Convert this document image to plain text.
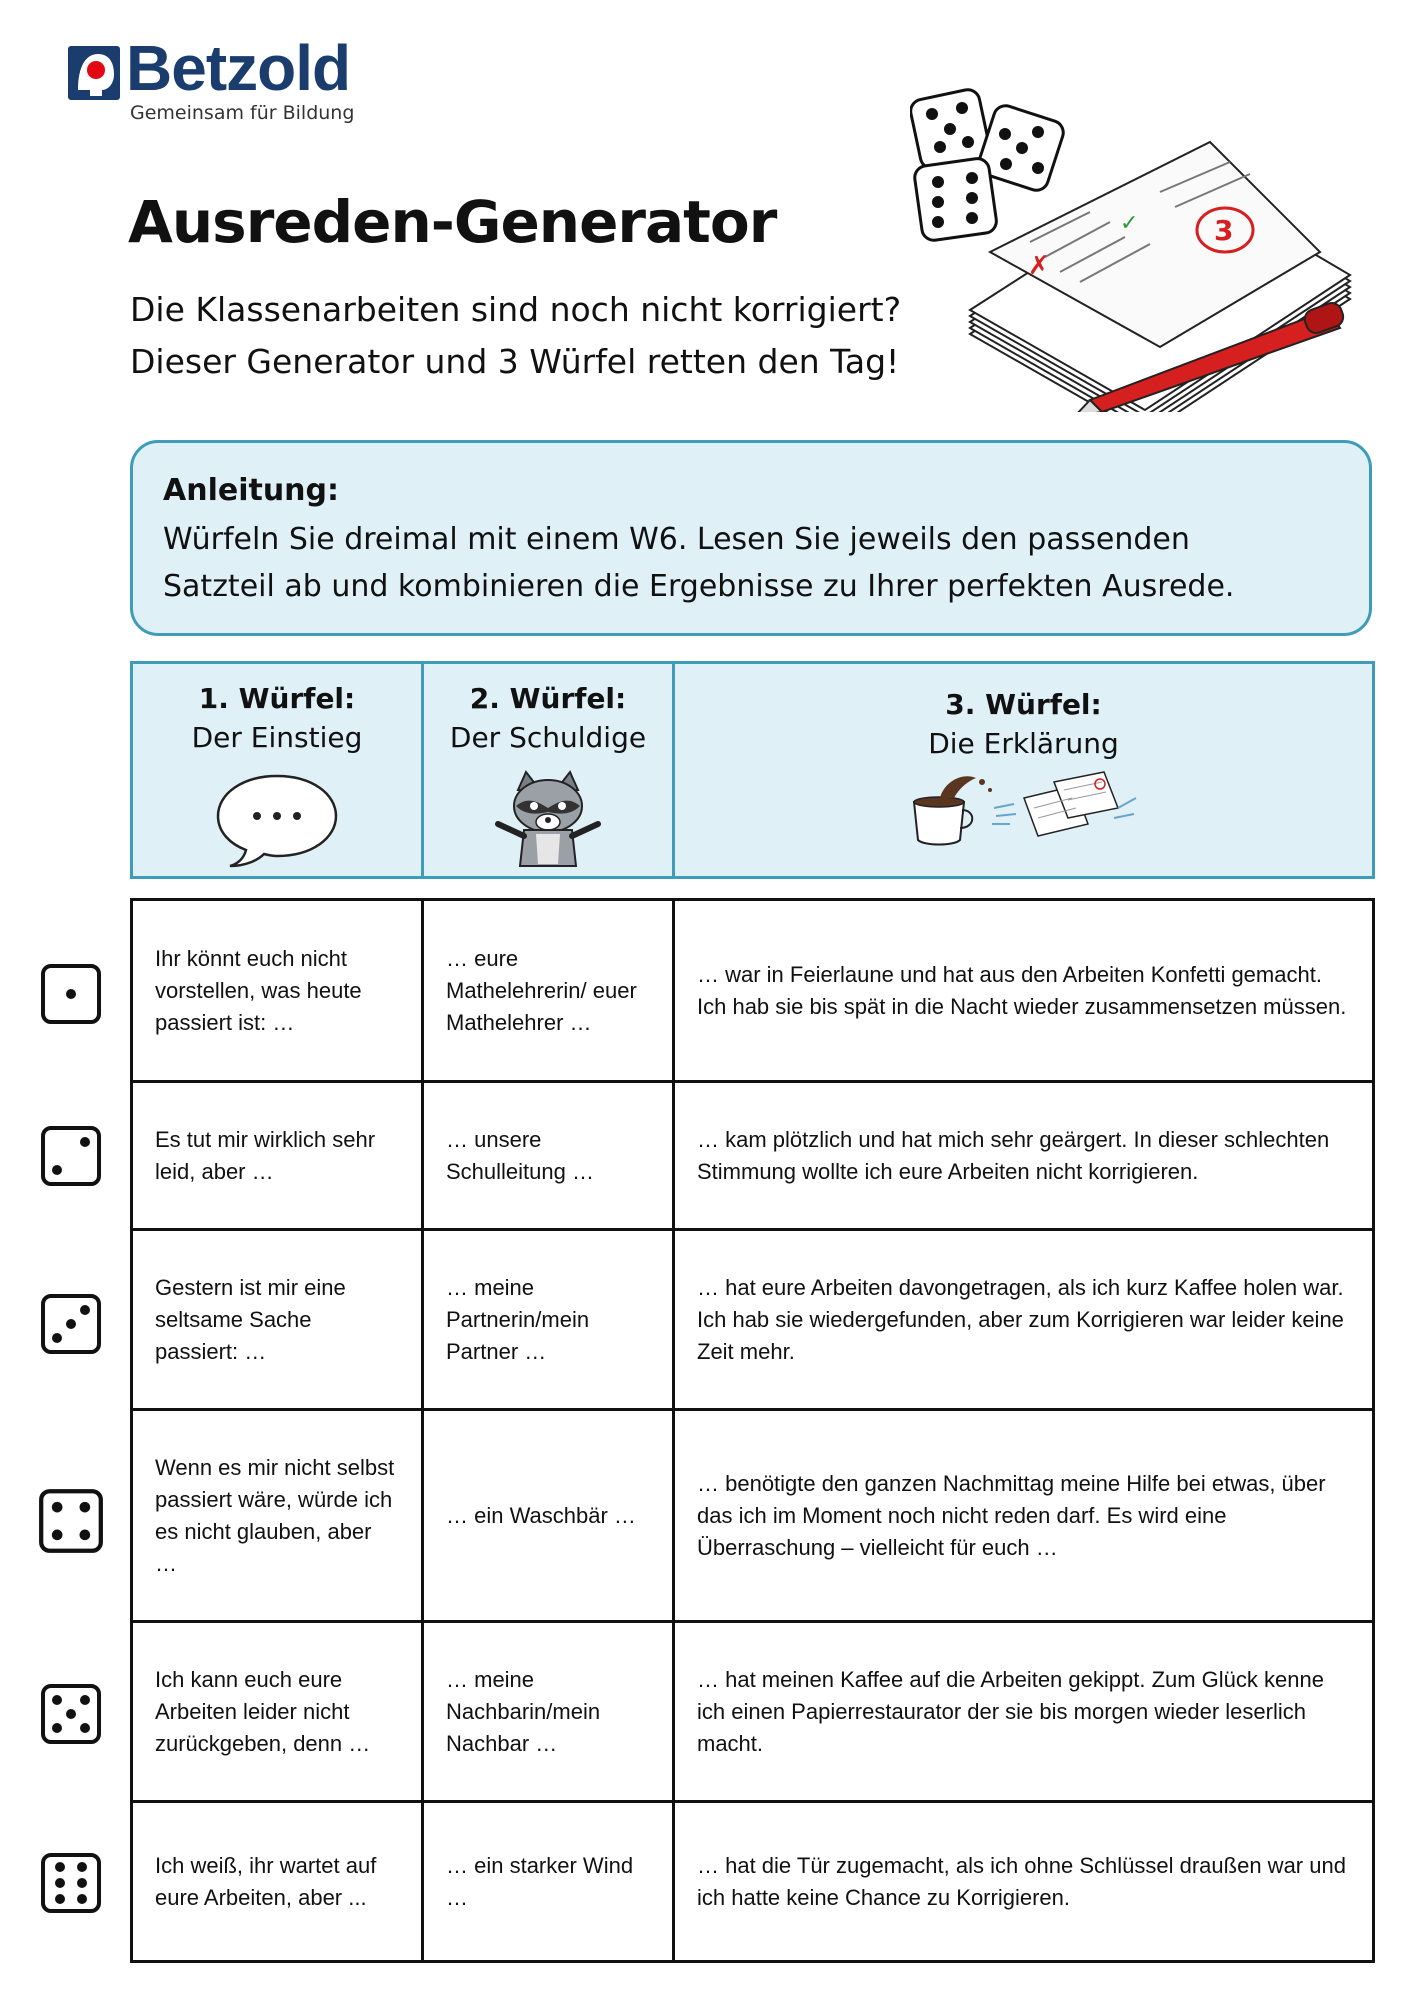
Betzold
Gemeinsam für Bildung
Ausreden-Generator
Die Klassenarbeiten sind noch nicht korrigiert?
Dieser Generator und 3 Würfel retten den Tag!
✗
✓	3
Anleitung:
Würfeln Sie dreimal mit einem W6. Lesen Sie jeweils den passenden
Satzteil ab und kombinieren die Ergebnisse zu Ihrer perfekten Ausrede.
1. Würfel:
Der Einstieg

2. Würfel:
Der Schuldige

3. Würfel:
Die Erklärung
Ihr könnt euch nicht vorstellen, was heute passiert ist: …	… eure Mathelehrerin/ euer Mathelehrer …	… war in Feierlaune und hat aus den Arbeiten Konfetti gemacht. Ich hab sie bis spät in die Nacht wieder zusammensetzen müssen.
Es tut mir wirklich sehr leid, aber …	… unsere Schulleitung …	… kam plötzlich und hat mich sehr geärgert. In dieser schlechten Stimmung wollte ich eure Arbeiten nicht korrigieren.
Gestern ist mir eine seltsame Sache passiert: …	… meine Partnerin/mein Partner …	… hat eure Arbeiten davongetragen, als ich kurz Kaffee holen war. Ich hab sie wiedergefunden, aber zum Korrigieren war leider keine Zeit mehr.
Wenn es mir nicht selbst passiert wäre, würde ich es nicht glauben, aber …	… ein Waschbär …	… benötigte den ganzen Nachmittag meine Hilfe bei etwas, über das ich im Moment noch nicht reden darf. Es wird eine Überraschung – vielleicht für euch …
Ich kann euch eure Arbeiten leider nicht zurückgeben, denn …	… meine Nachbarin/mein Nachbar …	… hat meinen Kaffee auf die Arbeiten gekippt. Zum Glück kenne ich einen Papierrestaurator der sie bis morgen wieder leserlich macht.
Ich weiß, ihr wartet auf eure Arbeiten, aber ...	… ein starker Wind …	… hat die Tür zugemacht, als ich ohne Schlüssel draußen war und ich hatte keine Chance zu Korrigieren.
